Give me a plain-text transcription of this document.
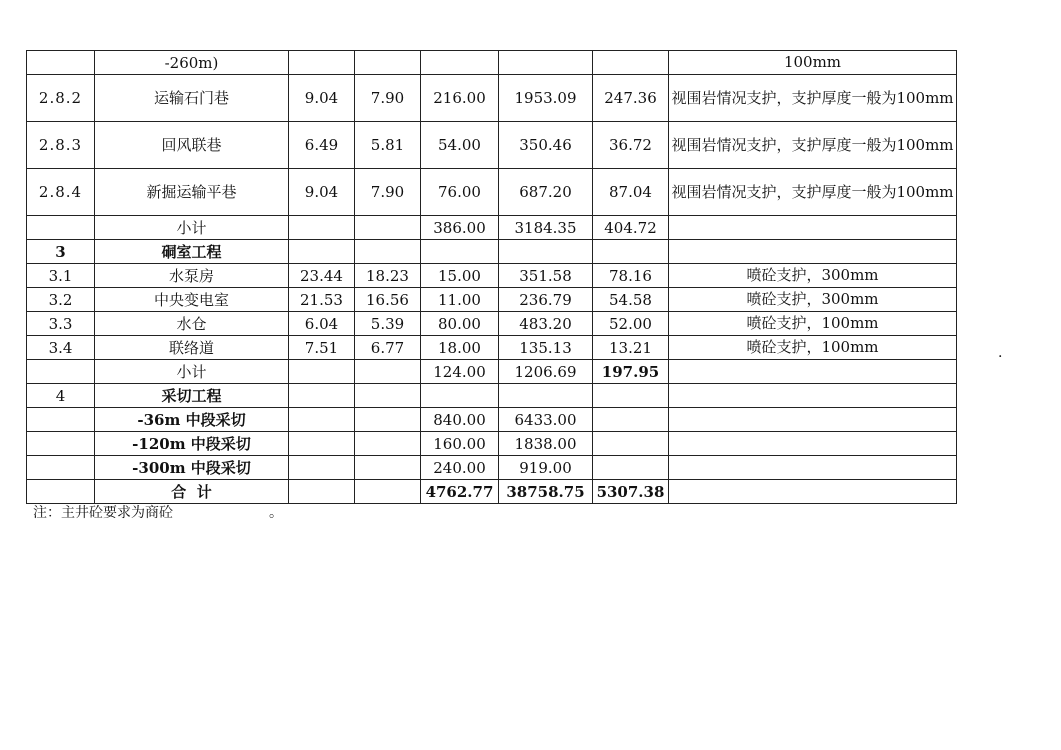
	-260m)						100mm
2.8.2	运输石门巷	9.04	7.90	216.00	1953.09	247.36	视围岩情况支护，支护厚度一般为100mm
2.8.3	回风联巷	6.49	5.81	54.00	350.46	36.72	视围岩情况支护，支护厚度一般为100mm
2.8.4	新掘运输平巷	9.04	7.90	76.00	687.20	87.04	视围岩情况支护，支护厚度一般为100mm
	小计			386.00	3184.35	404.72	
3	硐室工程						
3.1	水泵房	23.44	18.23	15.00	351.58	78.16	喷砼支护，300mm
3.2	中央变电室	21.53	16.56	11.00	236.79	54.58	喷砼支护，300mm
3.3	水仓	6.04	5.39	80.00	483.20	52.00	喷砼支护，100mm
3.4	联络道	7.51	6.77	18.00	135.13	13.21	喷砼支护，100mm
	小计			124.00	1206.69	197.95	
4	采切工程						
	-36m 中段采切			840.00	6433.00		
	-120m 中段采切			160.00	1838.00		
	-300m 中段采切			240.00	919.00		
	合  计			4762.77	38758.75	5307.38	
注：主井砼要求为商砼	。
.
